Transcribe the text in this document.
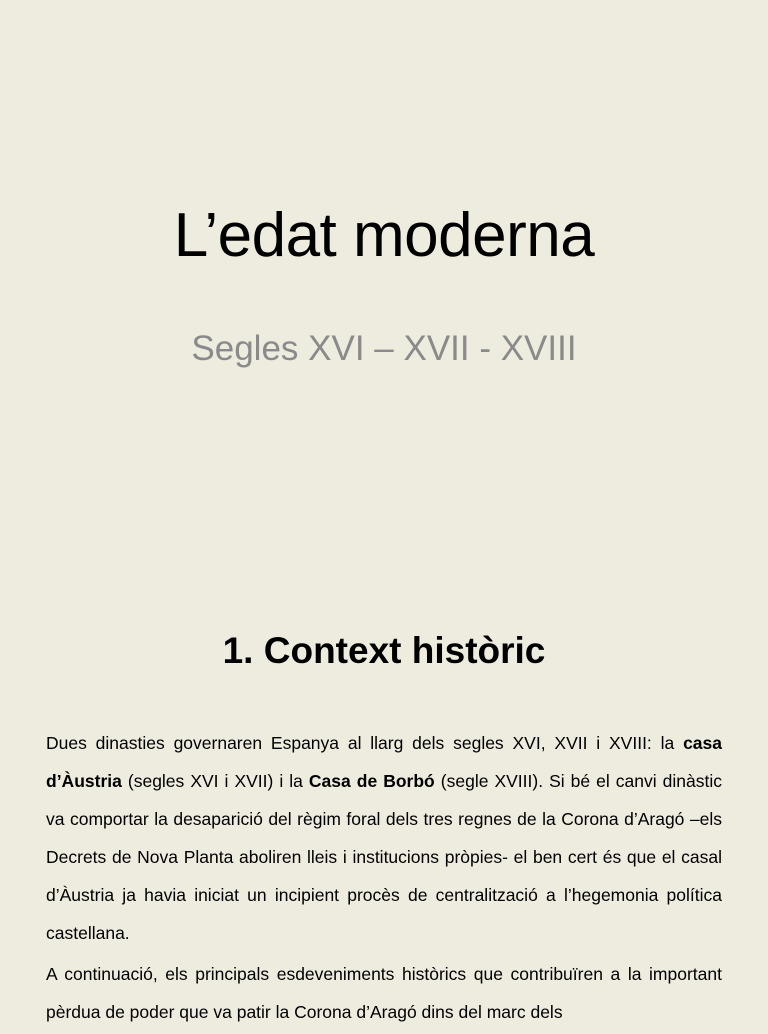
L’edat moderna
Segles XVI – XVII - XVIII
1. Context històric

Dues dinasties governaren Espanya al llarg dels segles XVI, XVII i XVIII: la casa d’Àustria (segles XVI i XVII) i la Casa de Borbó (segle XVIII). Si bé el canvi dinàstic va comportar la desaparició del règim foral dels tres regnes de la Corona d’Aragó –els Decrets de Nova Planta aboliren lleis i institucions pròpies- el ben cert és que el casal d’Àustria ja havia iniciat un incipient procès de centralització a l’hegemonia política castellana.

A continuació, els principals esdeveniments històrics que contribuïren a la important pèrdua de poder que va patir la Corona d’Aragó dins del marc dels
